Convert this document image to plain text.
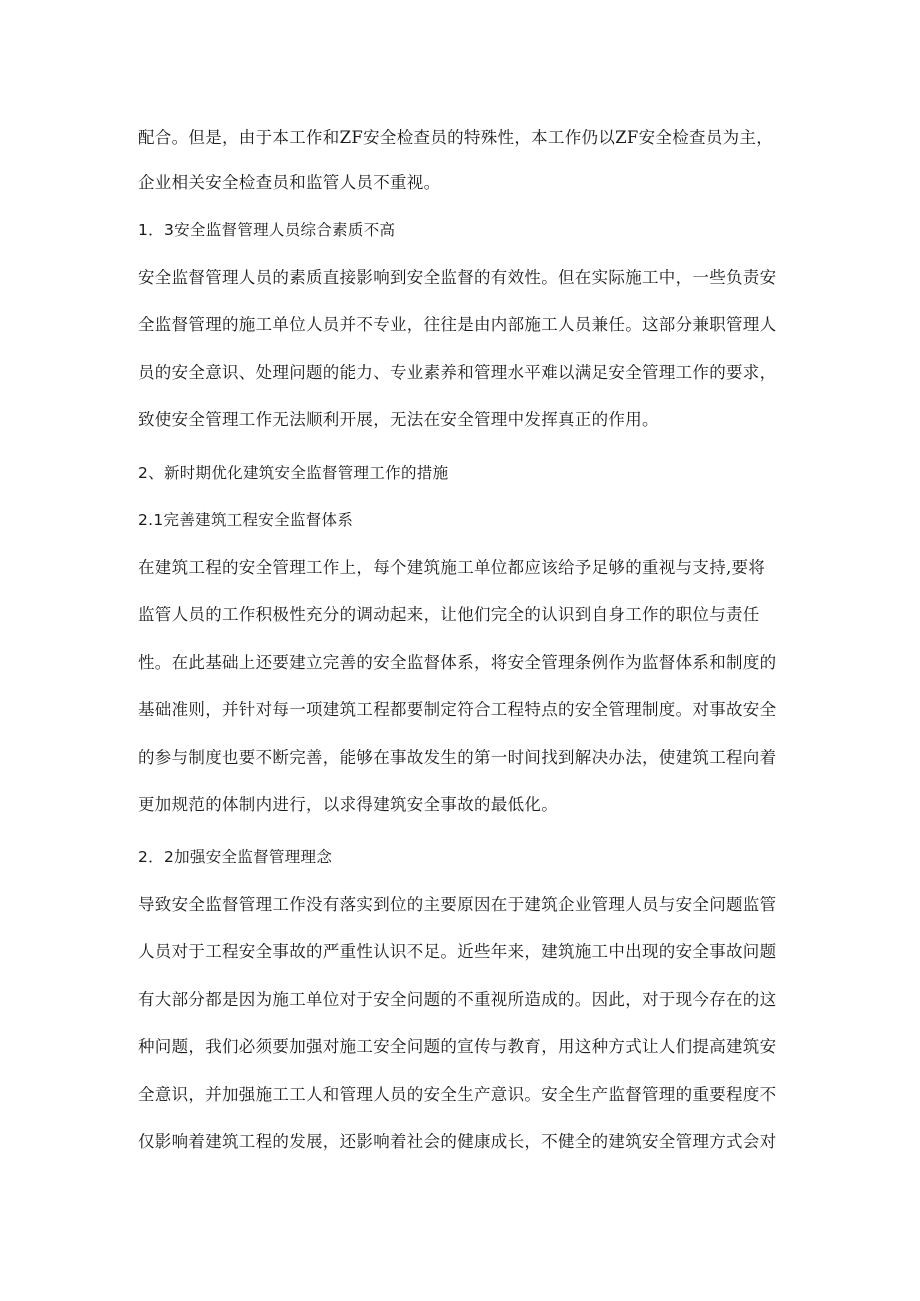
配合。但是，由于本工作和ZF安全检查员的特殊性，本工作仍以ZF安全检查员为主，
企业相关安全检查员和监管人员不重视。
1．3安全监督管理人员综合素质不高
安全监督管理人员的素质直接影响到安全监督的有效性。但在实际施工中，一些负责安
全监督管理的施工单位人员并不专业，往往是由内部施工人员兼任。这部分兼职管理人
员的安全意识、处理问题的能力、专业素养和管理水平难以满足安全管理工作的要求，
致使安全管理工作无法顺利开展，无法在安全管理中发挥真正的作用。
2、新时期优化建筑安全监督管理工作的措施
2.1完善建筑工程安全监督体系
在建筑工程的安全管理工作上，每个建筑施工单位都应该给予足够的重视与支持,要将
监管人员的工作积极性充分的调动起来，让他们完全的认识到自身工作的职位与责任
性。在此基础上还要建立完善的安全监督体系，将安全管理条例作为监督体系和制度的
基础准则，并针对每一项建筑工程都要制定符合工程特点的安全管理制度。对事故安全
的参与制度也要不断完善，能够在事故发生的第一时间找到解决办法，使建筑工程向着
更加规范的体制内进行，以求得建筑安全事故的最低化。
2．2加强安全监督管理理念
导致安全监督管理工作没有落实到位的主要原因在于建筑企业管理人员与安全问题监管
人员对于工程安全事故的严重性认识不足。近些年来，建筑施工中出现的安全事故问题
有大部分都是因为施工单位对于安全问题的不重视所造成的。因此，对于现今存在的这
种问题，我们必须要加强对施工安全问题的宣传与教育，用这种方式让人们提高建筑安
全意识，并加强施工工人和管理人员的安全生产意识。安全生产监督管理的重要程度不
仅影响着建筑工程的发展，还影响着社会的健康成长，不健全的建筑安全管理方式会对
